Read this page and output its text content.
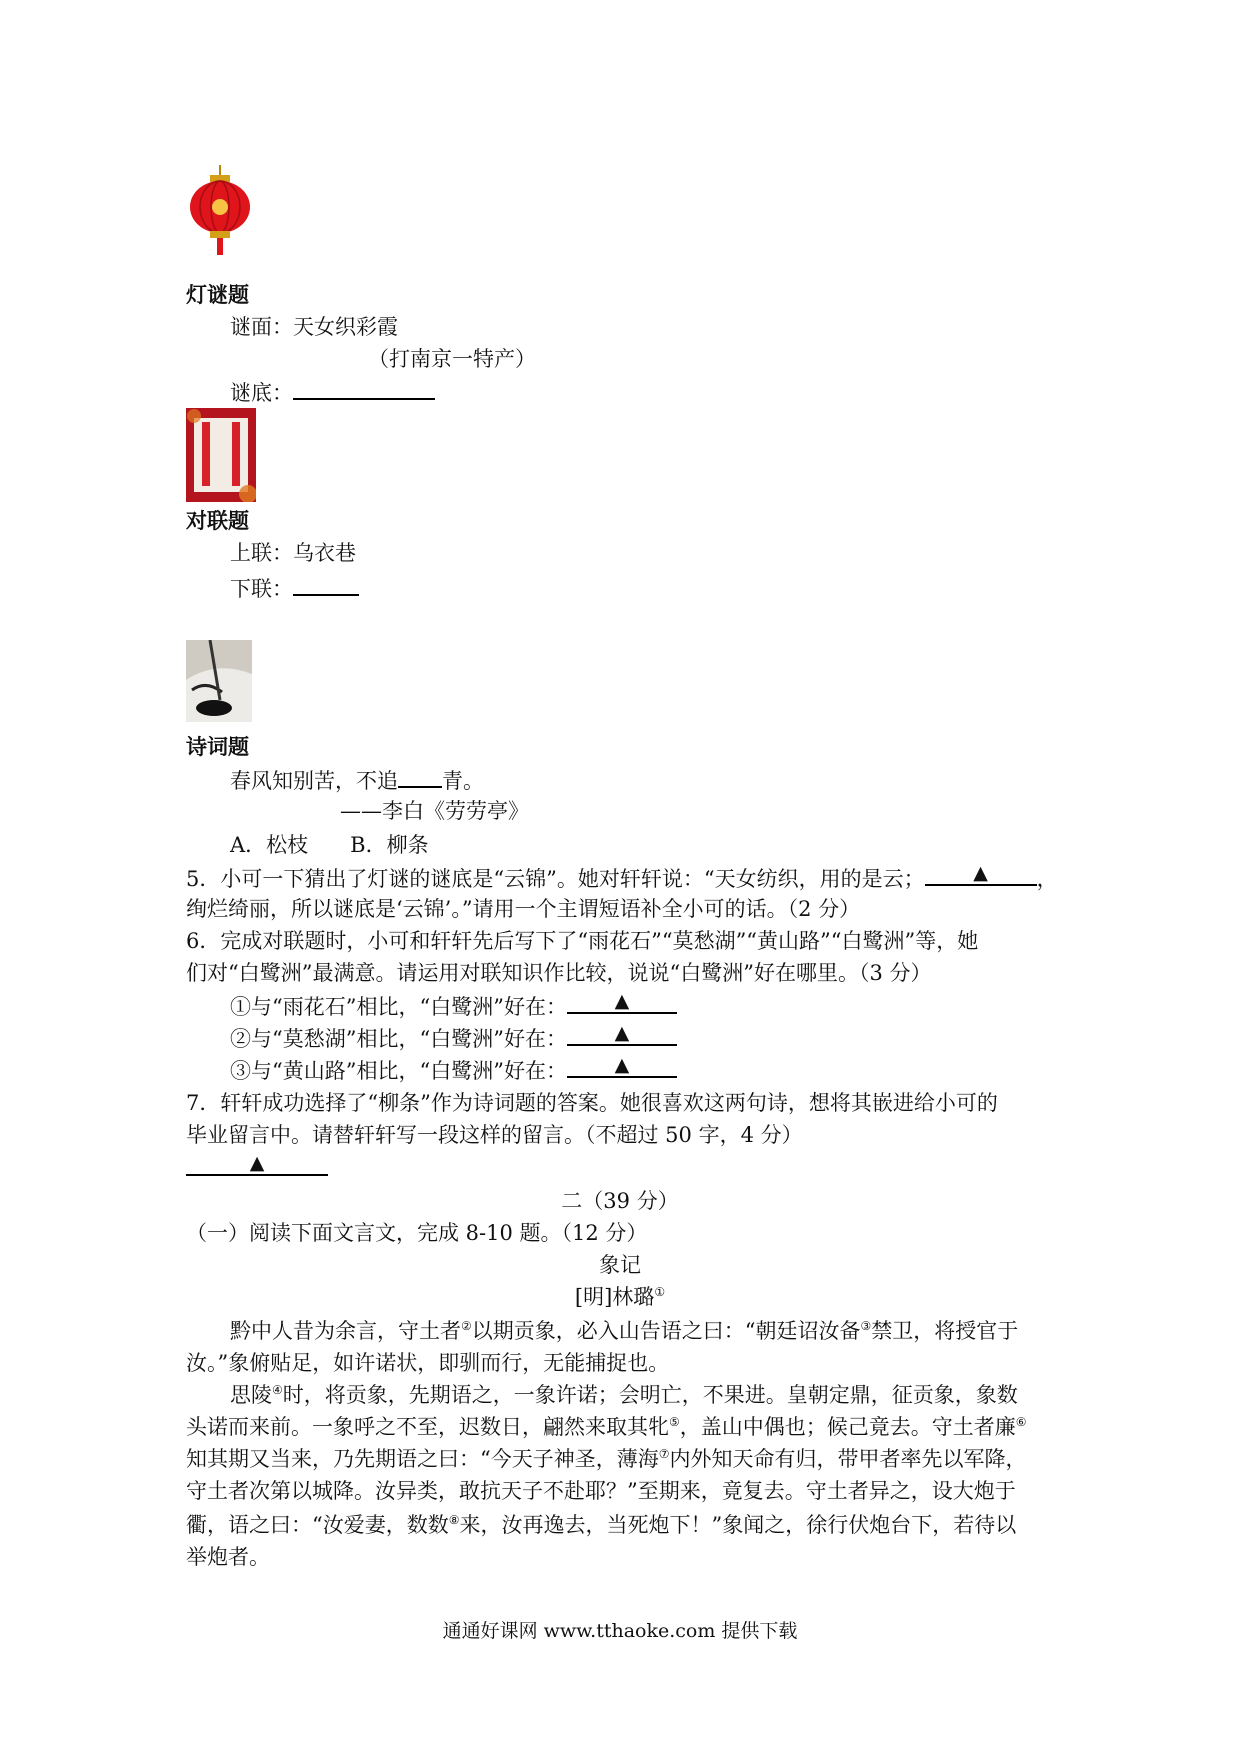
灯谜题
谜面：天女织彩霞
（打南京一特产）
谜底：
对联题
上联：乌衣巷
下联：
诗词题
春风知别苦，不追 青。
——李白《劳劳亭》
A．松枝 B．柳条
5．小可一下猜出了灯谜的谜底是“云锦”。她对轩轩说：“天女纺织，用的是云；	▲ ，
绚烂绮丽，所以谜底是‘云锦’。”请用一个主谓短语补全小可的话。（2 分）
6．完成对联题时，小可和轩轩先后写下了“雨花石”“莫愁湖”“黄山路”“白鹭洲”等，她
们对“白鹭洲”最满意。请运用对联知识作比较，说说“白鹭洲”好在哪里。（3 分）
①与“雨花石”相比，“白鹭洲”好在：	▲
②与“莫愁湖”相比，“白鹭洲”好在：	▲
③与“黄山路”相比，“白鹭洲”好在：	▲
7．轩轩成功选择了“柳条”作为诗词题的答案。她很喜欢这两句诗，想将其嵌进给小可的
毕业留言中。请替轩轩写一段这样的留言。（不超过 50 字，4 分）
▲
二（39 分）
（一）阅读下面文言文，完成 8-10 题。（12 分）
象记
[明]林璐①
黔中人昔为余言，守土者②以期贡象，必入山告语之曰：“朝廷诏汝备③禁卫，将授官于
汝。”象俯贴足，如许诺状，即驯而行，无能捕捉也。
思陵④时，将贡象，先期语之，一象许诺；会明亡，不果进。皇朝定鼎，征贡象，象数
头诺而来前。一象呼之不至，迟数日，翩然来取其牝⑤，盖山中偶也；候己竟去。守土者廉⑥
知其期又当来，乃先期语之曰：“今天子神圣，薄海⑦内外知天命有归，带甲者率先以军降，
守土者次第以城降。汝异类，敢抗天子不赴耶？”至期来，竟复去。守土者异之，设大炮于
衢，语之曰：“汝爱妻，数数⑧来，汝再逸去，当死炮下！”象闻之，徐行伏炮台下，若待以
举炮者。
通通好课网 www.tthaoke.com 提供下载
